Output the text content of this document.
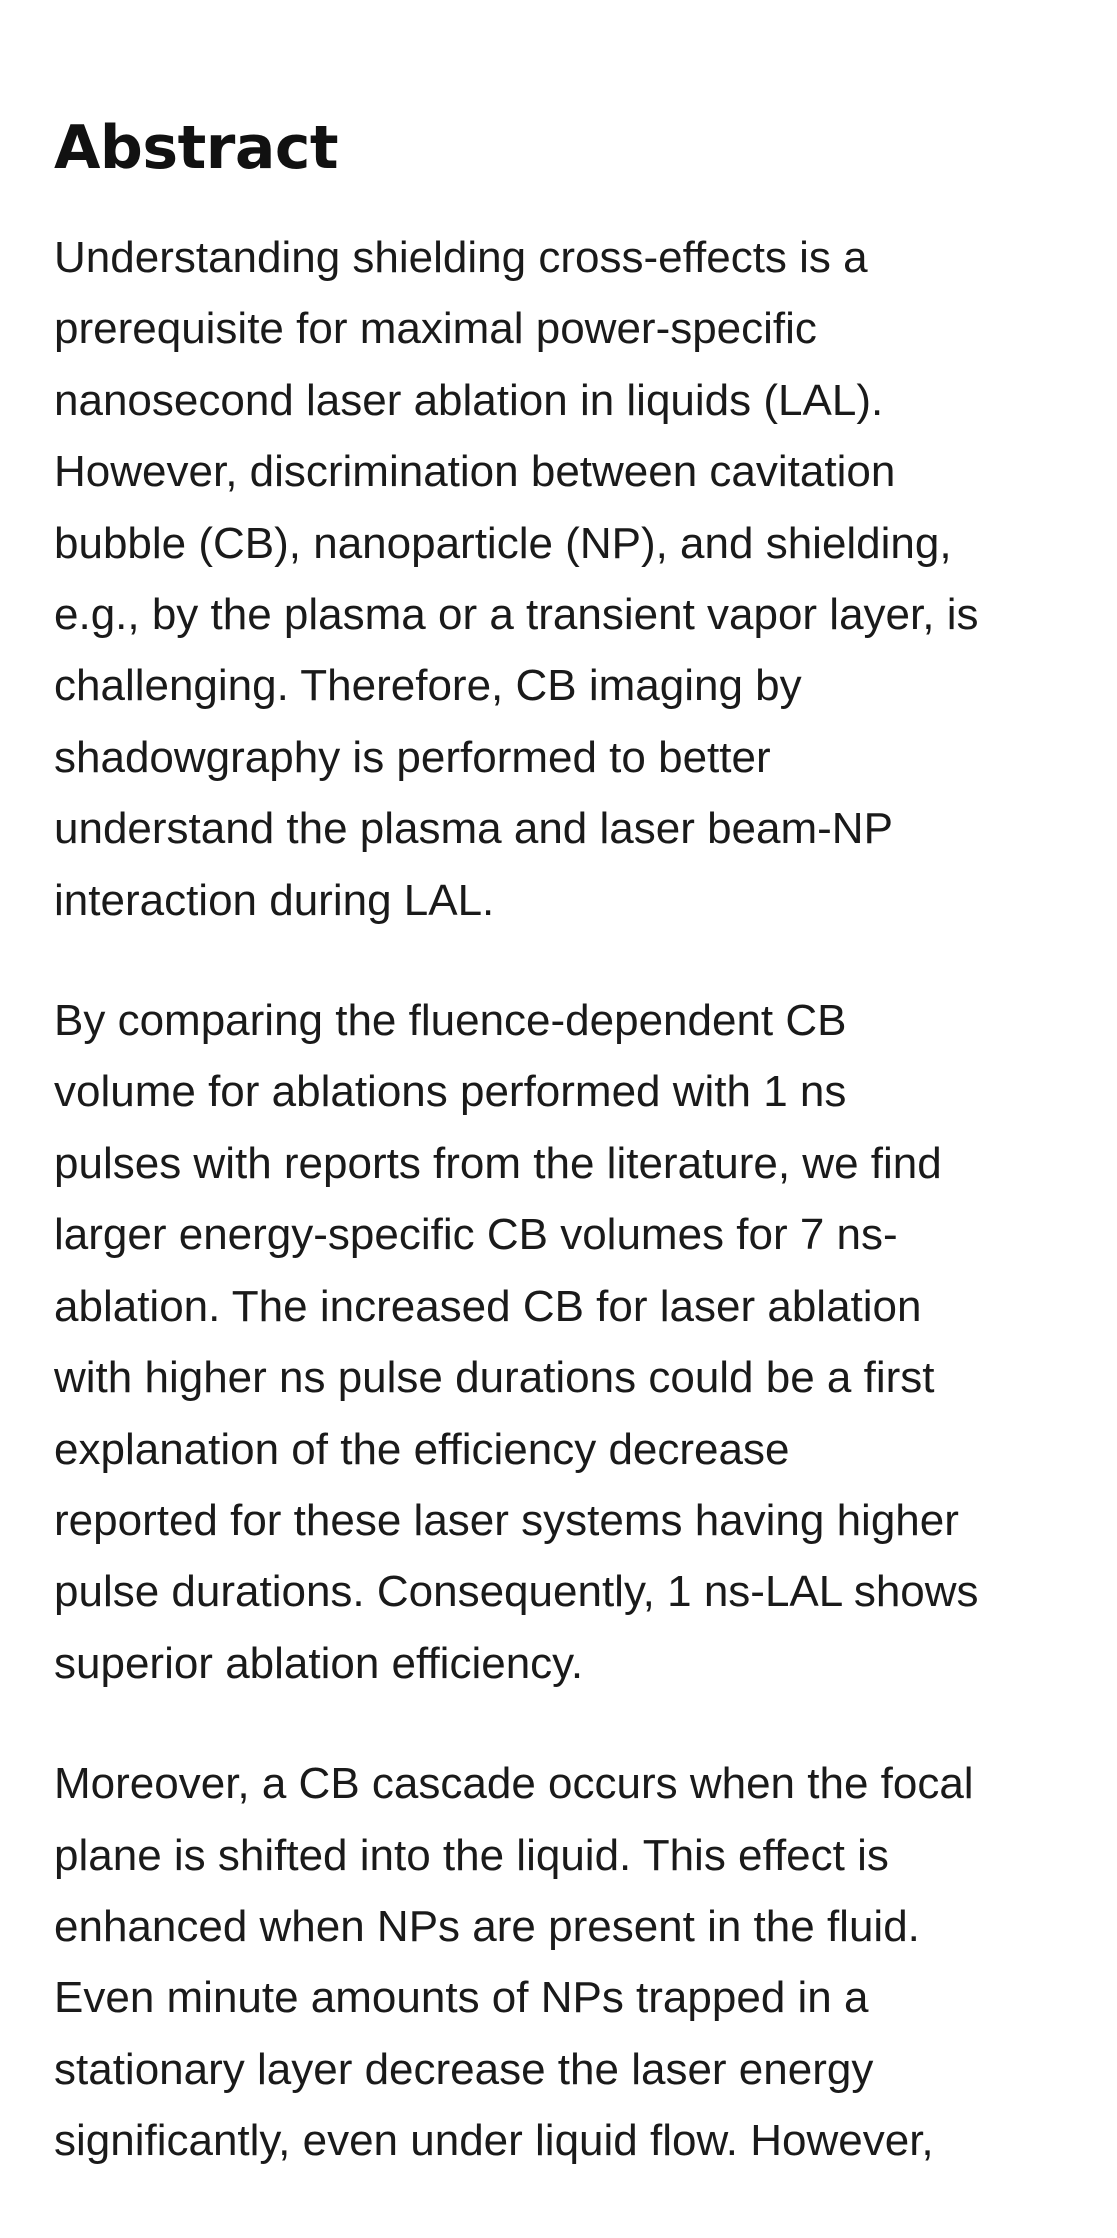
Abstract

Understanding shielding cross-effects is a
prerequisite for maximal power-specific
nanosecond laser ablation in liquids (LAL).
However, discrimination between cavitation
bubble (CB), nanoparticle (NP), and shielding,
e.g., by the plasma or a transient vapor layer, is
challenging. Therefore, CB imaging by
shadowgraphy is performed to better
understand the plasma and laser beam-NP
interaction during LAL.

By comparing the fluence-dependent CB
volume for ablations performed with 1 ns
pulses with reports from the literature, we find
larger energy-specific CB volumes for 7 ns-
ablation. The increased CB for laser ablation
with higher ns pulse durations could be a first
explanation of the efficiency decrease
reported for these laser systems having higher
pulse durations. Consequently, 1 ns-LAL shows
superior ablation efficiency.

Moreover, a CB cascade occurs when the focal
plane is shifted into the liquid. This effect is
enhanced when NPs are present in the fluid.
Even minute amounts of NPs trapped in a
stationary layer decrease the laser energy
significantly, even under liquid flow. However,
